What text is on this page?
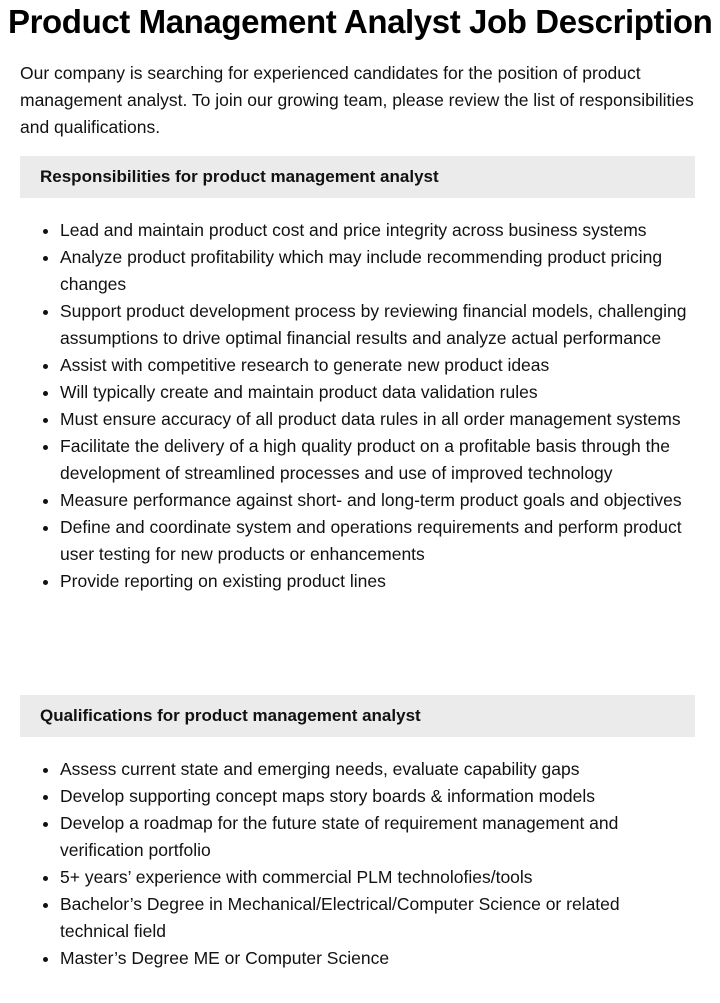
Product Management Analyst Job Description

Our company is searching for experienced candidates for the position of product management analyst. To join our growing team, please review the list of responsibilities and qualifications.

Responsibilities for product management analyst
Lead and maintain product cost and price integrity across business systems
Analyze product profitability which may include recommending product pricing changes
Support product development process by reviewing financial models, challenging assumptions to drive optimal financial results and analyze actual performance
Assist with competitive research to generate new product ideas
Will typically create and maintain product data validation rules
Must ensure accuracy of all product data rules in all order management systems
Facilitate the delivery of a high quality product on a profitable basis through the development of streamlined processes and use of improved technology
Measure performance against short- and long-term product goals and objectives
Define and coordinate system and operations requirements and perform product user testing for new products or enhancements
Provide reporting on existing product lines
Qualifications for product management analyst
Assess current state and emerging needs, evaluate capability gaps
Develop supporting concept maps story boards & information models
Develop a roadmap for the future state of requirement management and verification portfolio
5+ years’ experience with commercial PLM technolofies/tools
Bachelor’s Degree in Mechanical/Electrical/Computer Science or related technical field
Master’s Degree ME or Computer Science
